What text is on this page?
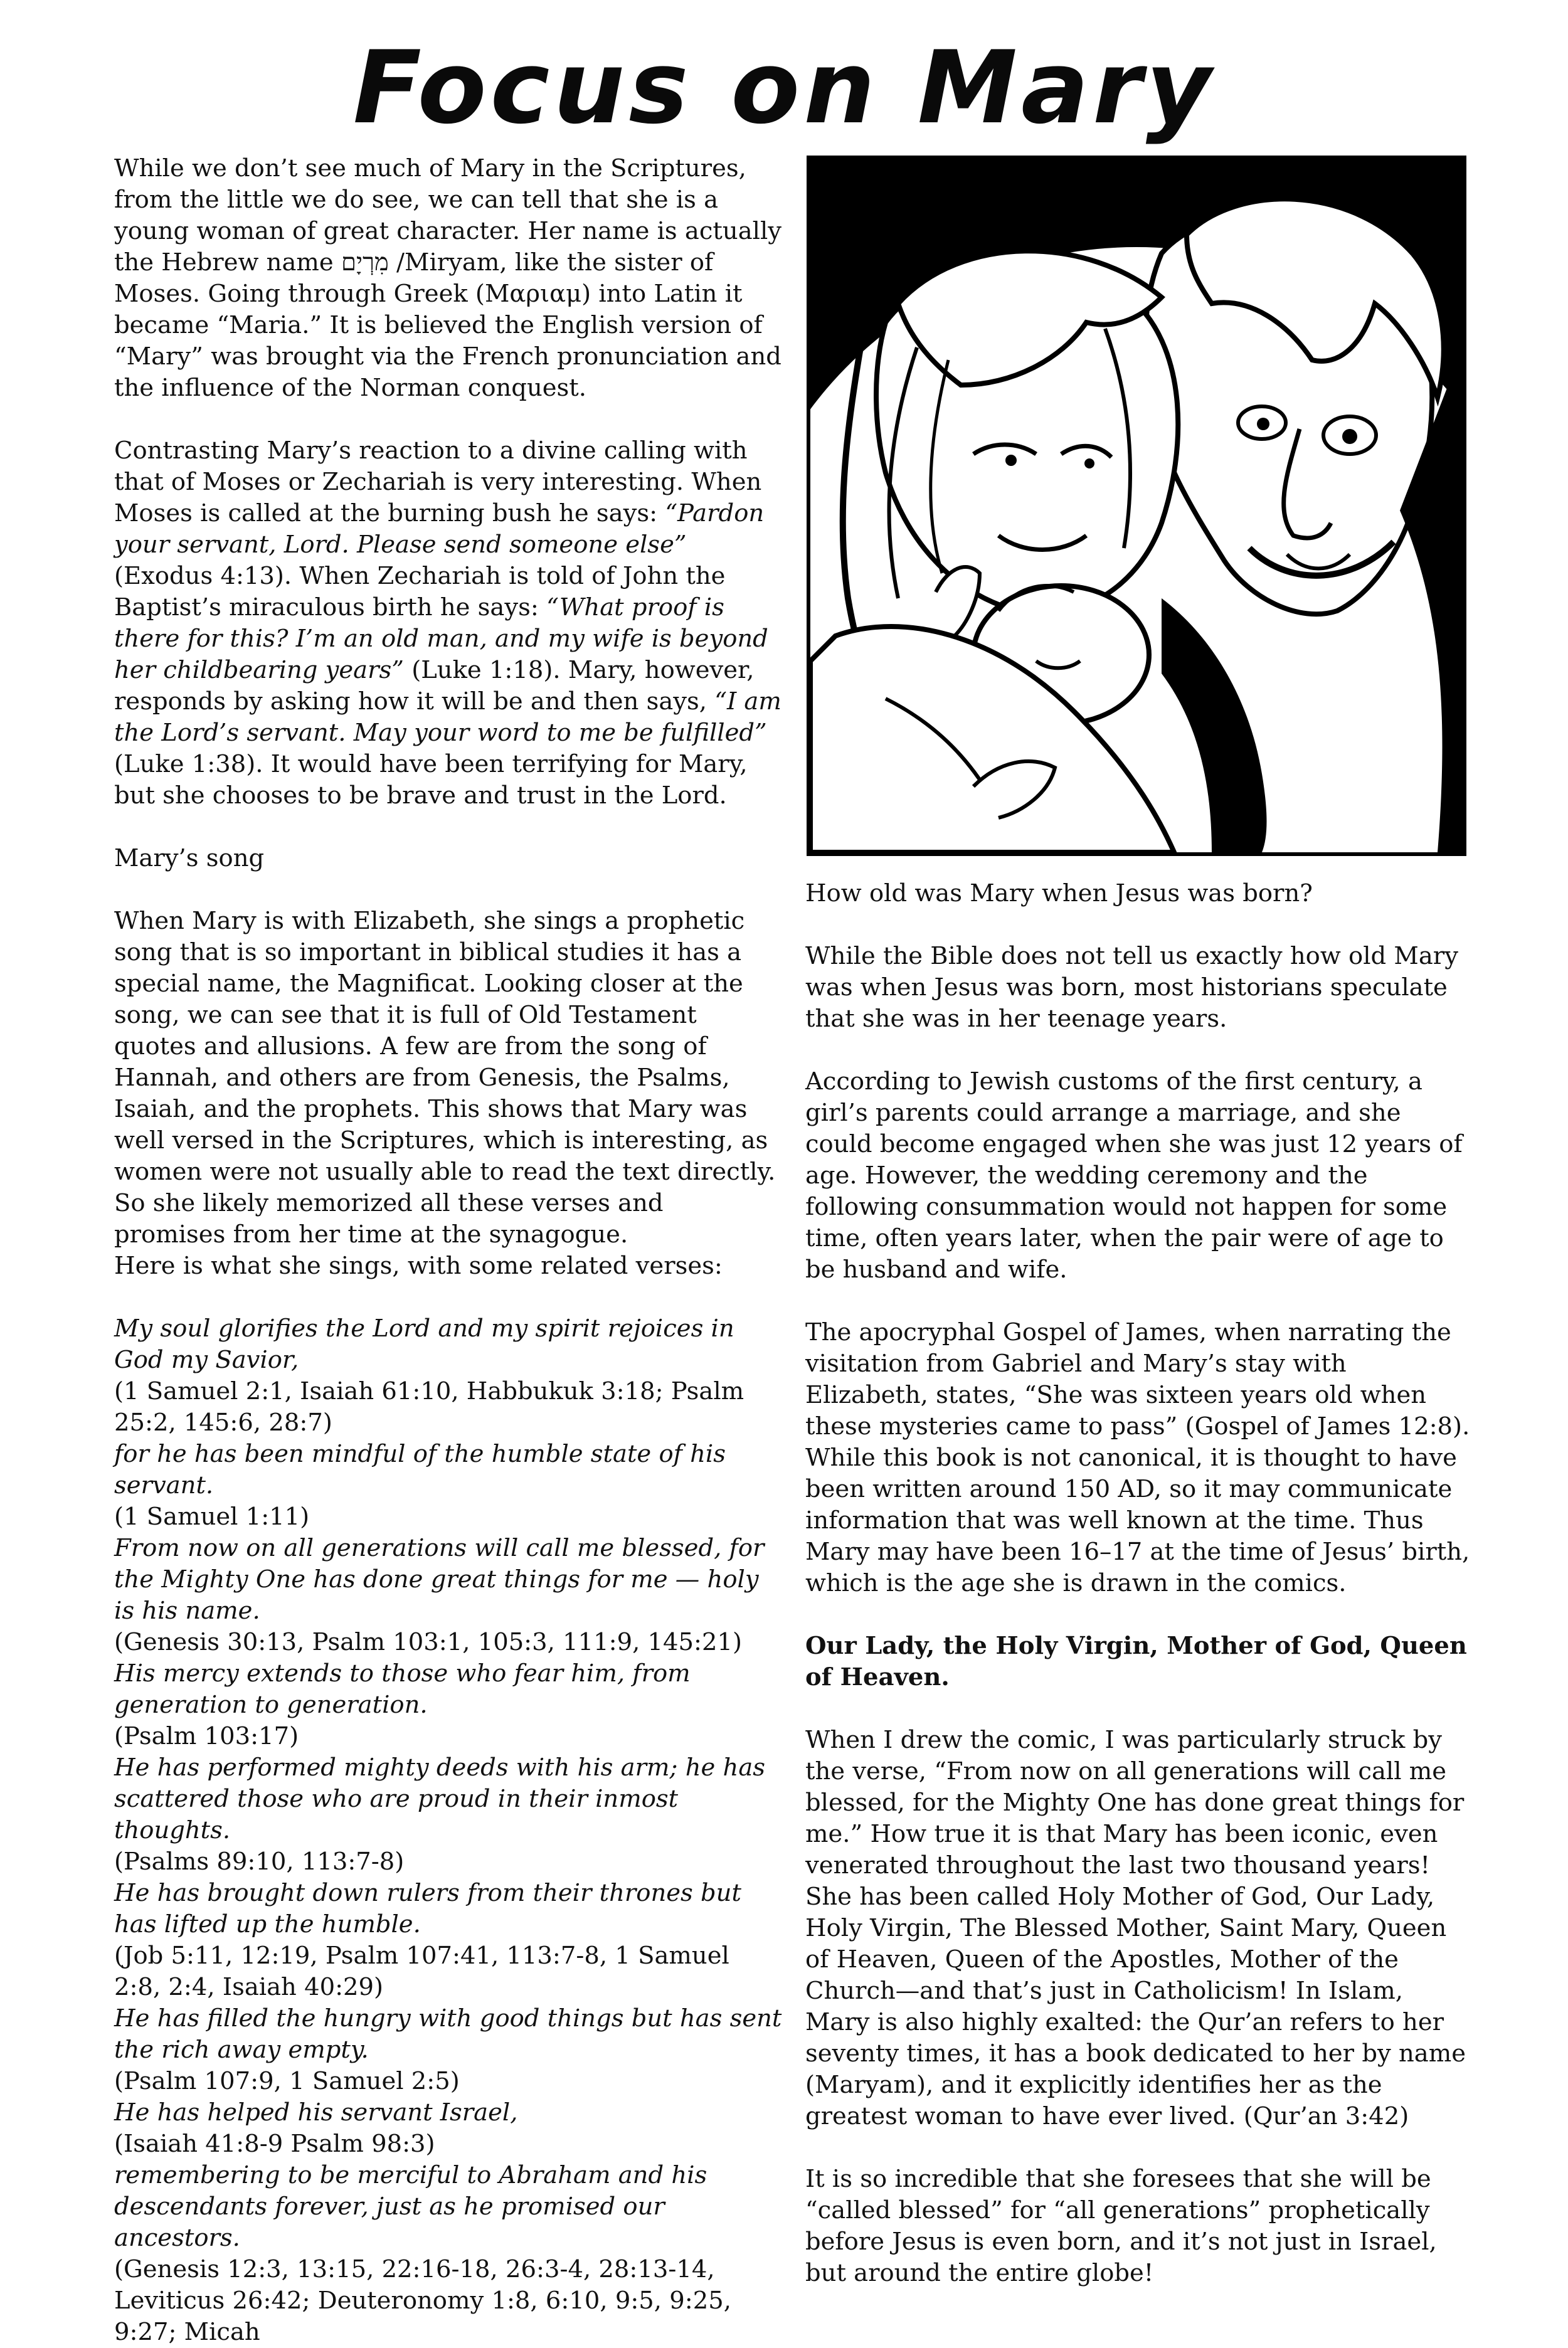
Focus on Mary

While we don’t see much of Mary in the Scriptures, from the little we do see, we can tell that she is a young woman of great character. Her name is actually the Hebrew name מִרְיָם /Miryam, like the sister of Moses. Going through Greek (Μαριαμ) into Latin it became “Maria.” It is believed the English version of “Mary” was brought via the French pronunciation and the influence of the Norman conquest.

Contrasting Mary’s reaction to a divine calling with that of Moses or Zechariah is very interesting. When Moses is called at the burning bush he says: “Pardon your servant, Lord. Please send someone else” (Exodus 4:13). When Zechariah is told of John the Baptist’s miraculous birth he says: “What proof is there for this? I’m an old man, and my wife is beyond her childbearing years” (Luke 1:18). Mary, however, responds by asking how it will be and then says, “I am the Lord’s servant. May your word to me be fulfilled” (Luke 1:38). It would have been terrifying for Mary, but she chooses to be brave and trust in the Lord.

Mary’s song

When Mary is with Elizabeth, she sings a prophetic song that is so important in biblical studies it has a special name, the Magnificat. Looking closer at the song, we can see that it is full of Old Testament quotes and allusions. A few are from the song of Hannah, and others are from Genesis, the Psalms, Isaiah, and the prophets. This shows that Mary was well versed in the Scriptures, which is interesting, as women were not usually able to read the text directly. So she likely memorized all these verses and promises from her time at the synagogue.

Here is what she sings, with some related verses:

My soul glorifies the Lord and my spirit rejoices in God my Savior,
(1 Samuel 2:1, Isaiah 61:10, Habbukuk 3:18; Psalm 25:2, 145:6, 28:7)
for he has been mindful of the humble state of his servant.
(1 Samuel 1:11)
From now on all generations will call me blessed, for the Mighty One has done great things for me — holy is his name.
(Genesis 30:13, Psalm 103:1, 105:3, 111:9, 145:21)
His mercy extends to those who fear him, from generation to generation.
(Psalm 103:17)
He has performed mighty deeds with his arm; he has scattered those who are proud in their inmost thoughts.
(Psalms 89:10, 113:7-8)
He has brought down rulers from their thrones but has lifted up the humble.
(Job 5:11, 12:19, Psalm 107:41, 113:7-8, 1 Samuel 2:8, 2:4, Isaiah 40:29)
He has filled the hungry with good things but has sent the rich away empty.
(Psalm 107:9, 1 Samuel 2:5)
He has helped his servant Israel,
(Isaiah 41:8-9 Psalm 98:3)
remembering to be merciful to Abraham and his descendants forever, just as he promised our ancestors.
(Genesis 12:3, 13:15, 22:16-18, 26:3-4, 28:13-14, Leviticus 26:42; Deuteronomy 1:8, 6:10, 9:5, 9:25, 9:27; Micah

How old was Mary when Jesus was born?

While the Bible does not tell us exactly how old Mary was when Jesus was born, most historians speculate that she was in her teenage years.

According to Jewish customs of the first century, a girl’s parents could arrange a marriage, and she could become engaged when she was just 12 years of age. However, the wedding ceremony and the following consummation would not happen for some time, often years later, when the pair were of age to be husband and wife.

The apocryphal Gospel of James, when narrating the visitation from Gabriel and Mary’s stay with Elizabeth, states, “She was sixteen years old when these mysteries came to pass” (Gospel of James 12:8). While this book is not canonical, it is thought to have been written around 150 AD, so it may communicate information that was well known at the time. Thus Mary may have been 16–17 at the time of Jesus’ birth, which is the age she is drawn in the comics.

Our Lady, the Holy Virgin, Mother of God, Queen of Heaven.

When I drew the comic, I was particularly struck by the verse, “From now on all generations will call me blessed, for the Mighty One has done great things for me.” How true it is that Mary has been iconic, even venerated throughout the last two thousand years! She has been called Holy Mother of God, Our Lady, Holy Virgin, The Blessed Mother, Saint Mary, Queen of Heaven, Queen of the Apostles, Mother of the Church—and that’s just in Catholicism! In Islam, Mary is also highly exalted: the Qur’an refers to her seventy times, it has a book dedicated to her by name (Maryam), and it explicitly identifies her as the greatest woman to have ever lived. (Qur’an 3:42)

It is so incredible that she foresees that she will be “called blessed” for “all generations” prophetically before Jesus is even born, and it’s not just in Israel, but around the entire globe!
